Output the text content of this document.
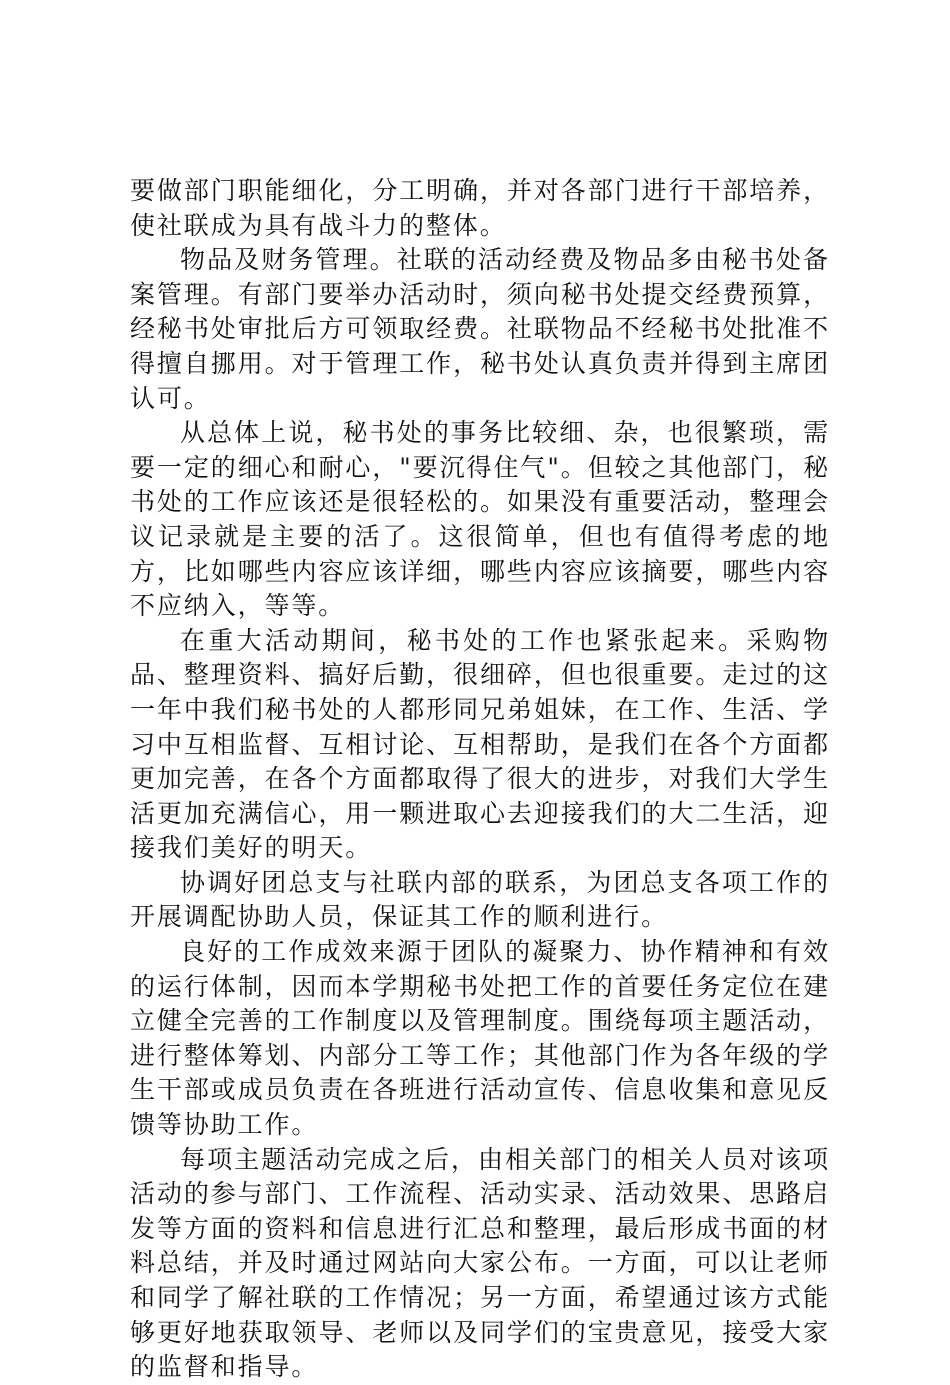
要做部门职能细化，分工明确，并对各部门进行干部培养，使社联成为具有战斗力的整体。

物品及财务管理。社联的活动经费及物品多由秘书处备案管理。有部门要举办活动时，须向秘书处提交经费预算，经秘书处审批后方可领取经费。社联物品不经秘书处批准不得擅自挪用。对于管理工作，秘书处认真负责并得到主席团认可。

从总体上说，秘书处的事务比较细、杂，也很繁琐，需要一定的细心和耐心，"要沉得住气"。但较之其他部门，秘书处的工作应该还是很轻松的。如果没有重要活动，整理会议记录就是主要的活了。这很简单，但也有值得考虑的地方，比如哪些内容应该详细，哪些内容应该摘要，哪些内容不应纳入，等等。

在重大活动期间，秘书处的工作也紧张起来。采购物品、整理资料、搞好后勤，很细碎，但也很重要。走过的这一年中我们秘书处的人都形同兄弟姐妹，在工作、生活、学习中互相监督、互相讨论、互相帮助，是我们在各个方面都更加完善，在各个方面都取得了很大的进步，对我们大学生活更加充满信心，用一颗进取心去迎接我们的大二生活，迎接我们美好的明天。

协调好团总支与社联内部的联系，为团总支各项工作的开展调配协助人员，保证其工作的顺利进行。

良好的工作成效来源于团队的凝聚力、协作精神和有效的运行体制，因而本学期秘书处把工作的首要任务定位在建立健全完善的工作制度以及管理制度。围绕每项主题活动，进行整体筹划、内部分工等工作；其他部门作为各年级的学生干部或成员负责在各班进行活动宣传、信息收集和意见反馈等协助工作。

每项主题活动完成之后，由相关部门的相关人员对该项活动的参与部门、工作流程、活动实录、活动效果、思路启发等方面的资料和信息进行汇总和整理，最后形成书面的材料总结，并及时通过网站向大家公布。一方面，可以让老师和同学了解社联的工作情况；另一方面，希望通过该方式能够更好地获取领导、老师以及同学们的宝贵意见，接受大家的监督和指导。
